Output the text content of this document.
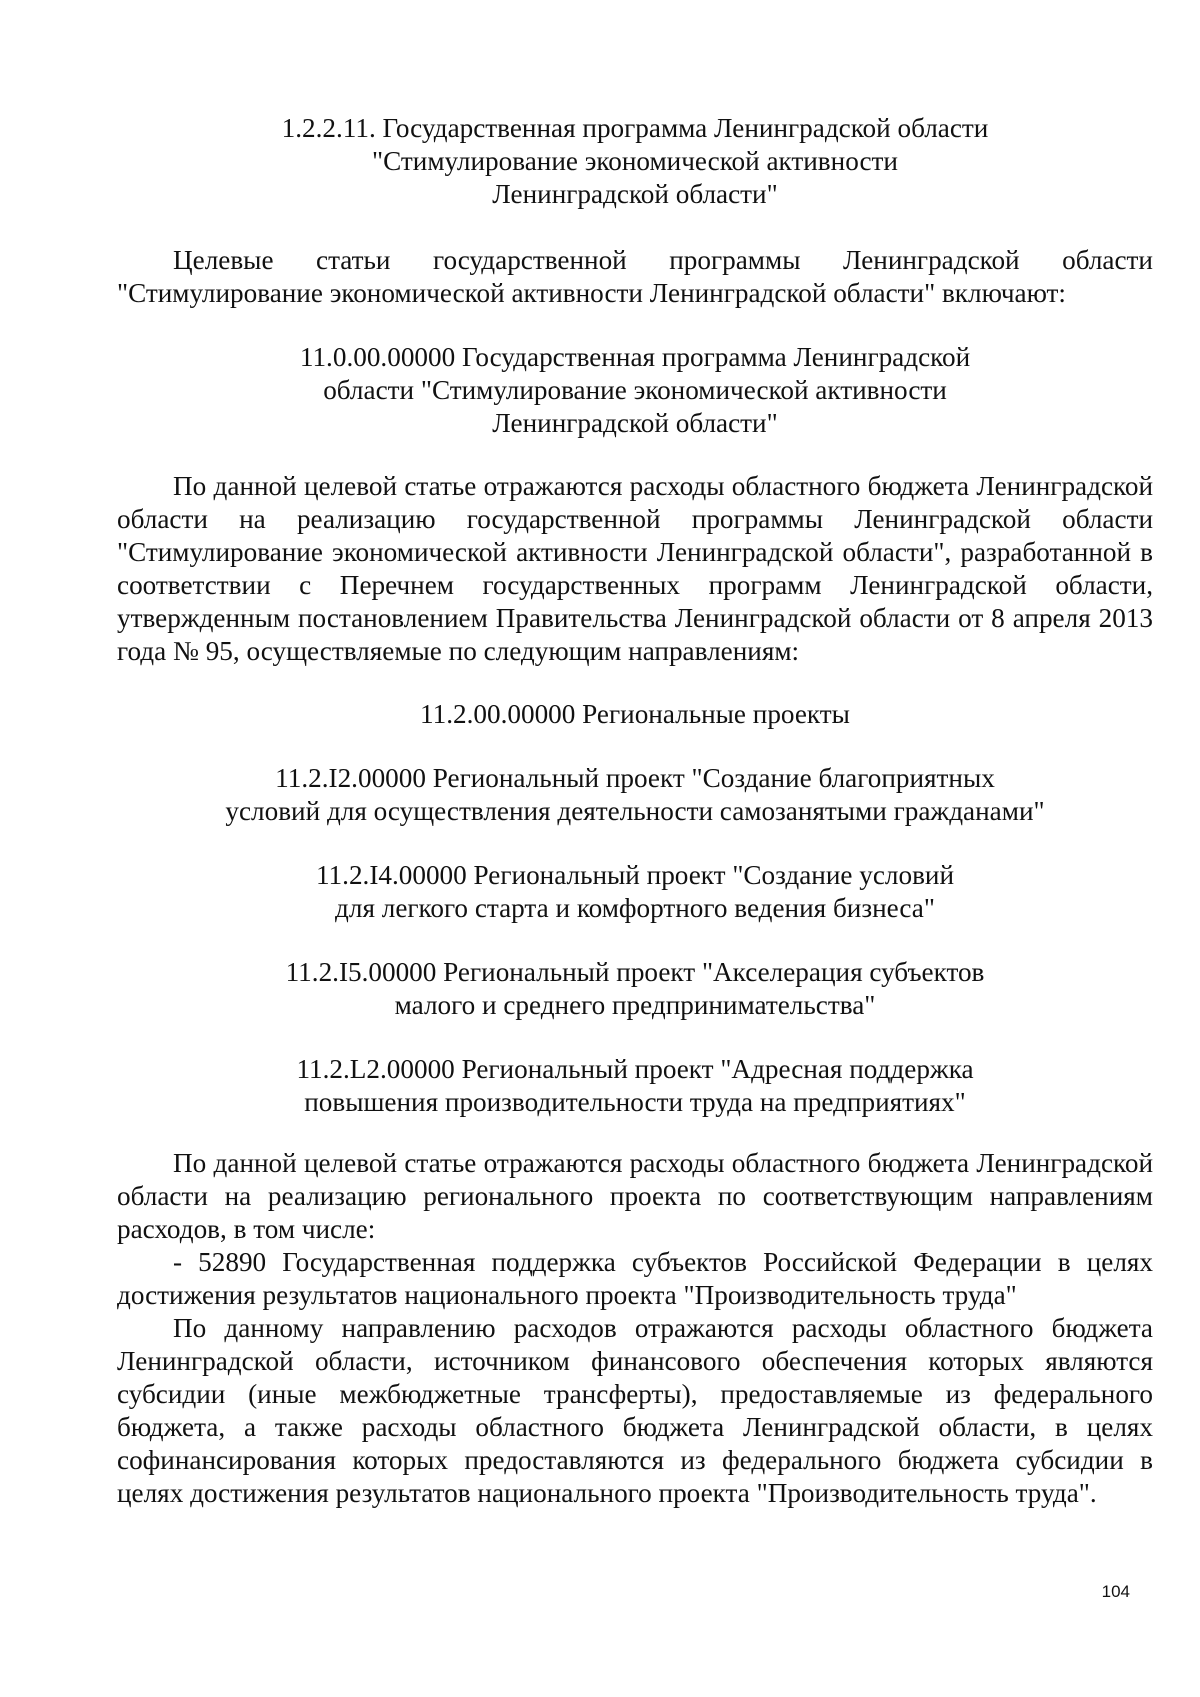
1.2.2.11. Государственная программа Ленинградской области
"Стимулирование экономической активности
Ленинградской области"

Целевые статьи государственной программы Ленинградской области "Стимулирование экономической активности Ленинградской области" включают:

11.0.00.00000 Государственная программа Ленинградской
области "Стимулирование экономической активности
Ленинградской области"

По данной целевой статье отражаются расходы областного бюджета Ленинградской области на реализацию государственной программы Ленинградской области "Стимулирование экономической активности Ленинградской области", разработанной в соответствии с Перечнем государственных программ Ленинградской области, утвержденным постановлением Правительства Ленинградской области от 8 апреля 2013 года № 95, осуществляемые по следующим направлениям:

11.2.00.00000 Региональные проекты

11.2.I2.00000 Региональный проект "Создание благоприятных
условий для осуществления деятельности самозанятыми гражданами"

11.2.I4.00000 Региональный проект "Создание условий
для легкого старта и комфортного ведения бизнеса"

11.2.I5.00000 Региональный проект "Акселерация субъектов
малого и среднего предпринимательства"

11.2.L2.00000 Региональный проект "Адресная поддержка
повышения производительности труда на предприятиях"

По данной целевой статье отражаются расходы областного бюджета Ленинградской области на реализацию регионального проекта по соответствующим направлениям расходов, в том числе:

- 52890 Государственная поддержка субъектов Российской Федерации в целях достижения результатов национального проекта "Производительность труда"

По данному направлению расходов отражаются расходы областного бюджета Ленинградской области, источником финансового обеспечения которых являются субсидии (иные межбюджетные трансферты), предоставляемые из федерального бюджета, а также расходы областного бюджета Ленинградской области, в целях софинансирования которых предоставляются из федерального бюджета субсидии в целях достижения результатов национального проекта "Производительность труда".

104
